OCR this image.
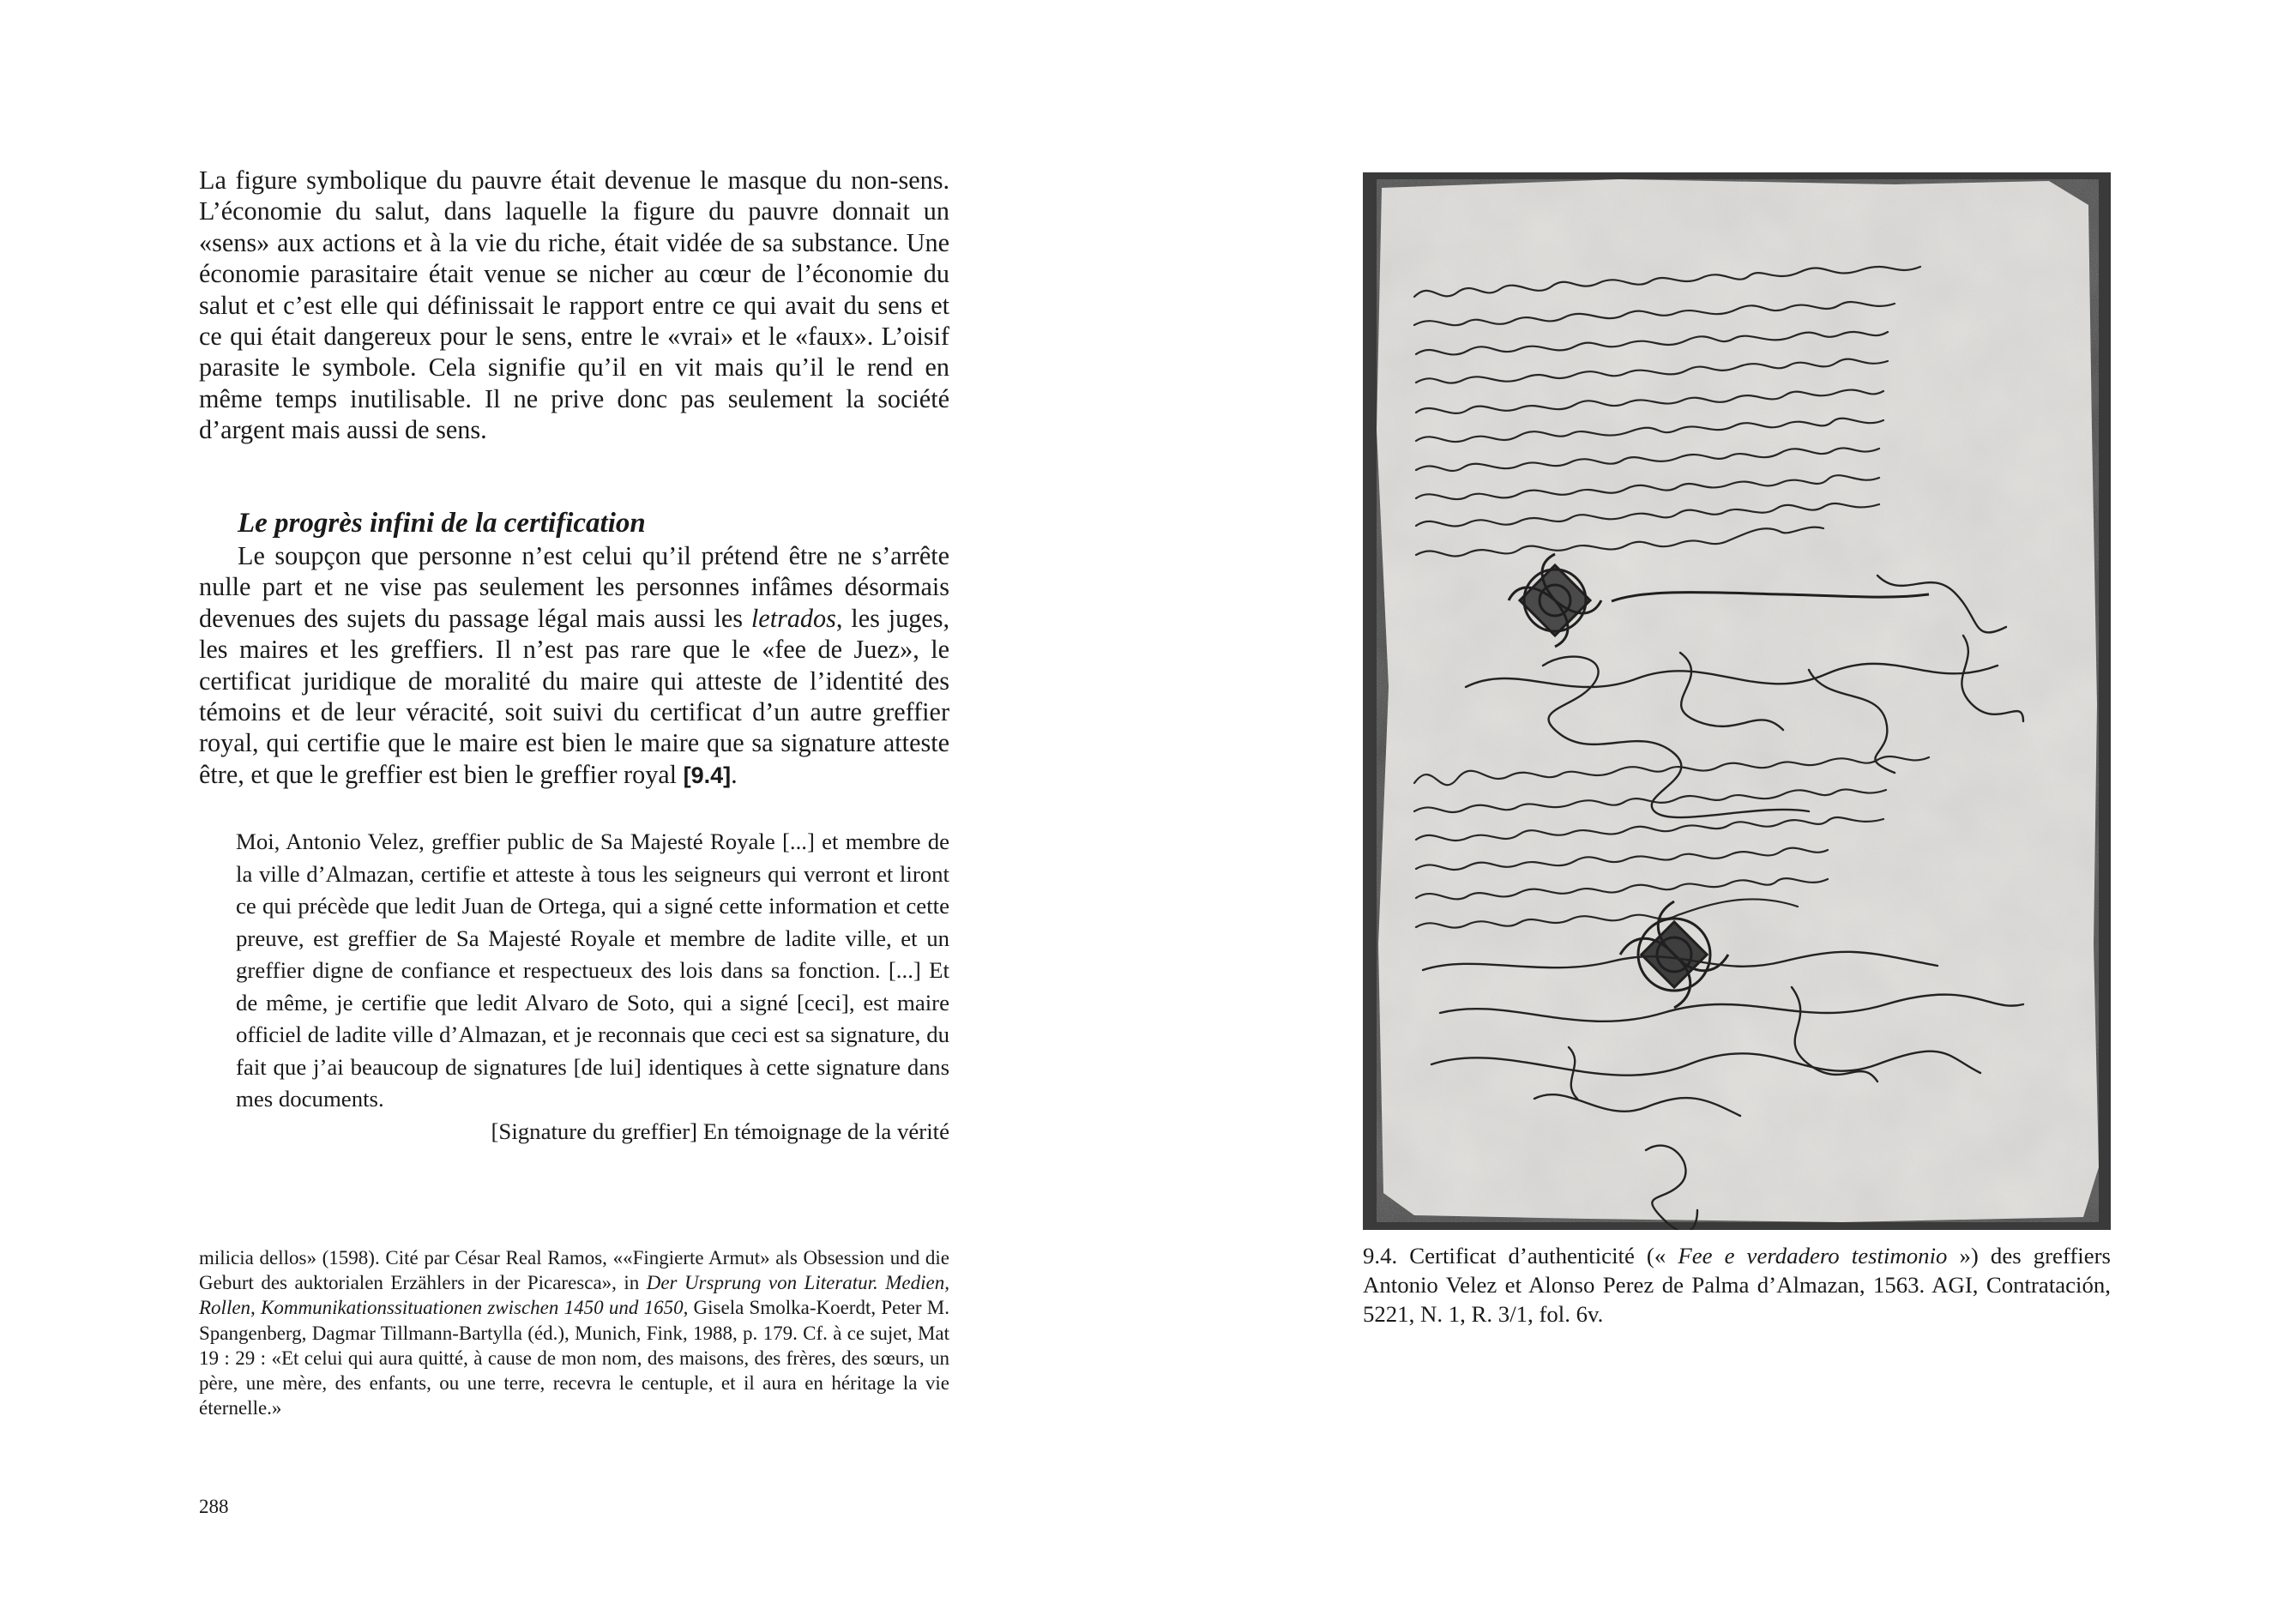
La figure symbolique du pauvre était devenue le masque du non-sens. L’économie du salut, dans laquelle la figure du pauvre donnait un «sens» aux actions et à la vie du riche, était vidée de sa substance. Une économie parasitaire était venue se nicher au cœur de l’économie du salut et c’est elle qui définissait le rapport entre ce qui avait du sens et ce qui était dangereux pour le sens, entre le «vrai» et le «faux». L’oisif parasite le symbole. Cela signifie qu’il en vit mais qu’il le rend en même temps inutilisable. Il ne prive donc pas seulement la société d’argent mais aussi de sens.

Le progrès infini de la certification

Le soupçon que personne n’est celui qu’il prétend être ne s’arrête nulle part et ne vise pas seulement les personnes infâmes désormais devenues des sujets du passage légal mais aussi les letrados, les juges, les maires et les greffiers. Il n’est pas rare que le «fee de Juez», le certificat juridique de moralité du maire qui atteste de l’identité des témoins et de leur véracité, soit suivi du certificat d’un autre greffier royal, qui certifie que le maire est bien le maire que sa signature atteste être, et que le greffier est bien le greffier royal [9.4].

Moi, Antonio Velez, greffier public de Sa Majesté Royale [...] et membre de la ville d’Almazan, certifie et atteste à tous les seigneurs qui verront et liront ce qui précède que ledit Juan de Ortega, qui a signé cette information et cette preuve, est greffier de Sa Majesté Royale et membre de ladite ville, et un greffier digne de confiance et respectueux des lois dans sa fonction. [...] Et de même, je certifie que ledit Alvaro de Soto, qui a signé [ceci], est maire officiel de ladite ville d’Almazan, et je reconnais que ceci est sa signature, du fait que j’ai beaucoup de signatures [de lui] identiques à cette signature dans mes documents.
[Signature du greffier] En témoignage de la vérité

milicia dellos» (1598). Cité par César Real Ramos, ««Fingierte Armut» als Obsession und die Geburt des auktorialen Erzählers in der Picaresca», in Der Ursprung von Literatur. Medien, Rollen, Kommunikationssituationen zwischen 1450 und 1650, Gisela Smolka-Koerdt, Peter M. Spangenberg, Dagmar Tillmann-Bartylla (éd.), Munich, Fink, 1988, p. 179. Cf. à ce sujet, Mat 19 : 29 : «Et celui qui aura quitté, à cause de mon nom, des maisons, des frères, des sœurs, un père, une mère, des enfants, ou une terre, recevra le centuple, et il aura en héritage la vie éternelle.»

288

9.4. Certificat d’authenticité (« Fee e verdadero testimonio ») des greffiers Antonio Velez et Alonso Perez de Palma d’Almazan, 1563. AGI, Contratación, 5221, N. 1, R. 3/1, fol. 6v.
